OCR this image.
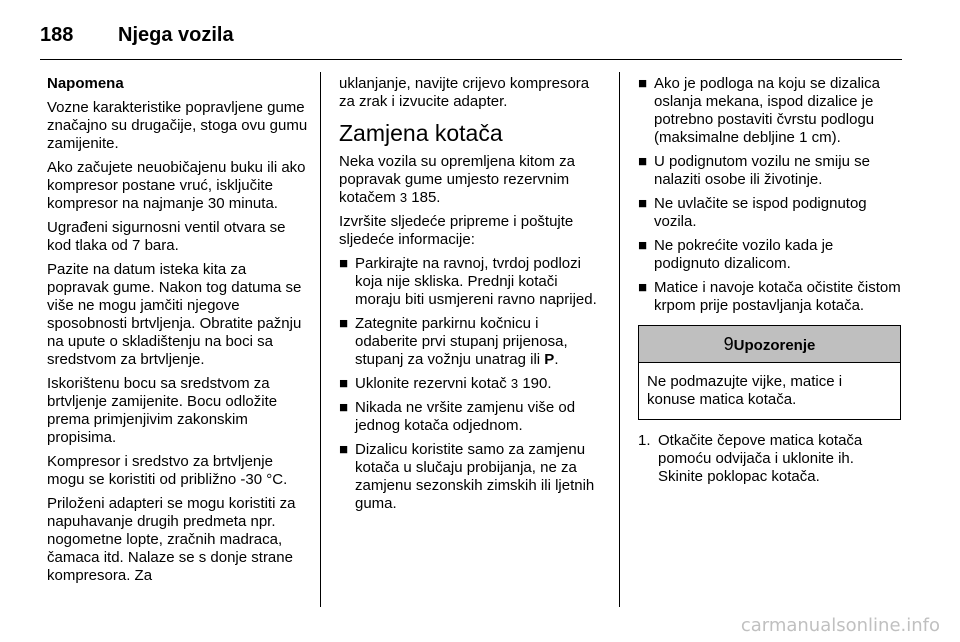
188	Njega vozila

Napomena

Vozne karakteristike popravljene gume značajno su drugačije, stoga ovu gumu zamijenite.

Ako začujete neuobičajenu buku ili ako kompresor postane vruć, isključite kompresor na najmanje 30 minuta.

Ugrađeni sigurnosni ventil otvara se kod tlaka od 7 bara.

Pazite na datum isteka kita za popravak gume. Nakon tog datuma se više ne mogu jamčiti njegove sposobnosti brtvljenja. Obratite pažnju na upute o skladištenju na boci sa sredstvom za brtvljenje.

Iskorištenu bocu sa sredstvom za brtvljenje zamijenite. Bocu odložite prema primjenjivim zakonskim propisima.

Kompresor i sredstvo za brtvljenje mogu se koristiti od približno -30 °C.

Priloženi adapteri se mogu koristiti za napuhavanje drugih predmeta npr. nogometne lopte, zračnih madraca, čamaca itd. Nalaze se s donje strane kompresora. Za

uklanjanje, navijte crijevo kompresora za zrak i izvucite adapter.

Zamjena kotača

Neka vozila su opremljena kitom za popravak gume umjesto rezervnim kotačem 3 185.

Izvršite sljedeće pripreme i poštujte sljedeće informacije:

■ Parkirajte na ravnoj, tvrdoj podlozi koja nije skliska. Prednji kotači moraju biti usmjereni ravno naprijed.
■ Zategnite parkirnu kočnicu i odaberite prvi stupanj prijenosa, stupanj za vožnju unatrag ili P.
■ Uklonite rezervni kotač 3 190.
■ Nikada ne vršite zamjenu više od jednog kotača odjednom.
■ Dizalicu koristite samo za zamjenu kotača u slučaju probijanja, ne za zamjenu sezonskih zimskih ili ljetnih guma.
■ Ako je podloga na koju se dizalica oslanja mekana, ispod dizalice je potrebno postaviti čvrstu podlogu (maksimalne debljine 1 cm).
■ U podignutom vozilu ne smiju se nalaziti osobe ili životinje.
■ Ne uvlačite se ispod podignutog vozila.
■ Ne pokrećite vozilo kada je podignuto dizalicom.
■ Matice i navoje kotača očistite čistom krpom prije postavljanja kotača.
9Upozorenje
Ne podmazujte vijke, matice i konuse matica kotača.
1. Otkačite čepove matica kotača pomoću odvijača i uklonite ih. Skinite poklopac kotača.
carmanualsonline.info
